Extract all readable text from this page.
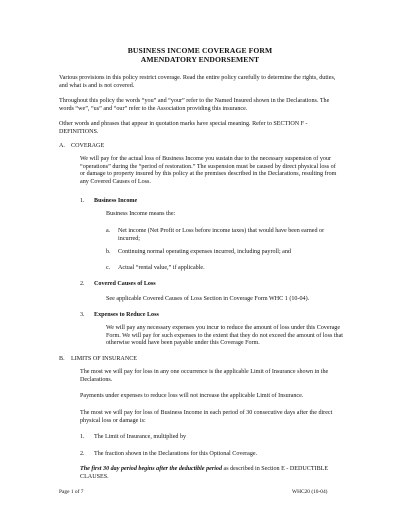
BUSINESS INCOME COVERAGE FORM
AMENDATORY ENDORSEMENT

Various provisions in this policy restrict coverage. Read the entire policy carefully to determine the rights, duties, and what is and is not covered.

Throughout this policy the words “you” and “your” refer to the Named Insured shown in the Declarations. The words “we”, “us” and “our” refer to the Association providing this insurance.

Other words and phrases that appear in quotation marks have special meaning. Refer to SECTION F - DEFINITIONS.

A. COVERAGE

We will pay for the actual loss of Business Income you sustain due to the necessary suspension of your “operations” during the “period of restoration.” The suspension must be caused by direct physical loss of or damage to property insured by this policy at the premises described in the Declarations, resulting from any Covered Causes of Loss.

1. Business Income

Business Income means the:

a. Net income (Net Profit or Loss before income taxes) that would have been earned or incurred;

b. Continuing normal operating expenses incurred, including payroll; and

c. Actual “rental value,” if applicable.

2. Covered Causes of Loss

See applicable Covered Causes of Loss Section in Coverage Form WHC 1 (10-04).

3. Expenses to Reduce Loss

We will pay any necessary expenses you incur to reduce the amount of loss under this Coverage Form. We will pay for such expenses to the extent that they do not exceed the amount of loss that otherwise would have been payable under this Coverage Form.

B. LIMITS OF INSURANCE

The most we will pay for loss in any one occurrence is the applicable Limit of Insurance shown in the Declarations.

Payments under expenses to reduce loss will not increase the applicable Limit of Insurance.

The most we will pay for loss of Business Income in each period of 30 consecutive days after the direct physical loss or damage is:

1. The Limit of Insurance, multiplied by
2. The fraction shown in the Declarations for this Optional Coverage.

The first 30 day period begins after the deductible period as described in Section E - DEDUCTIBLE CLAUSES.

Page 1 of 7	WHC20 (10-04)
